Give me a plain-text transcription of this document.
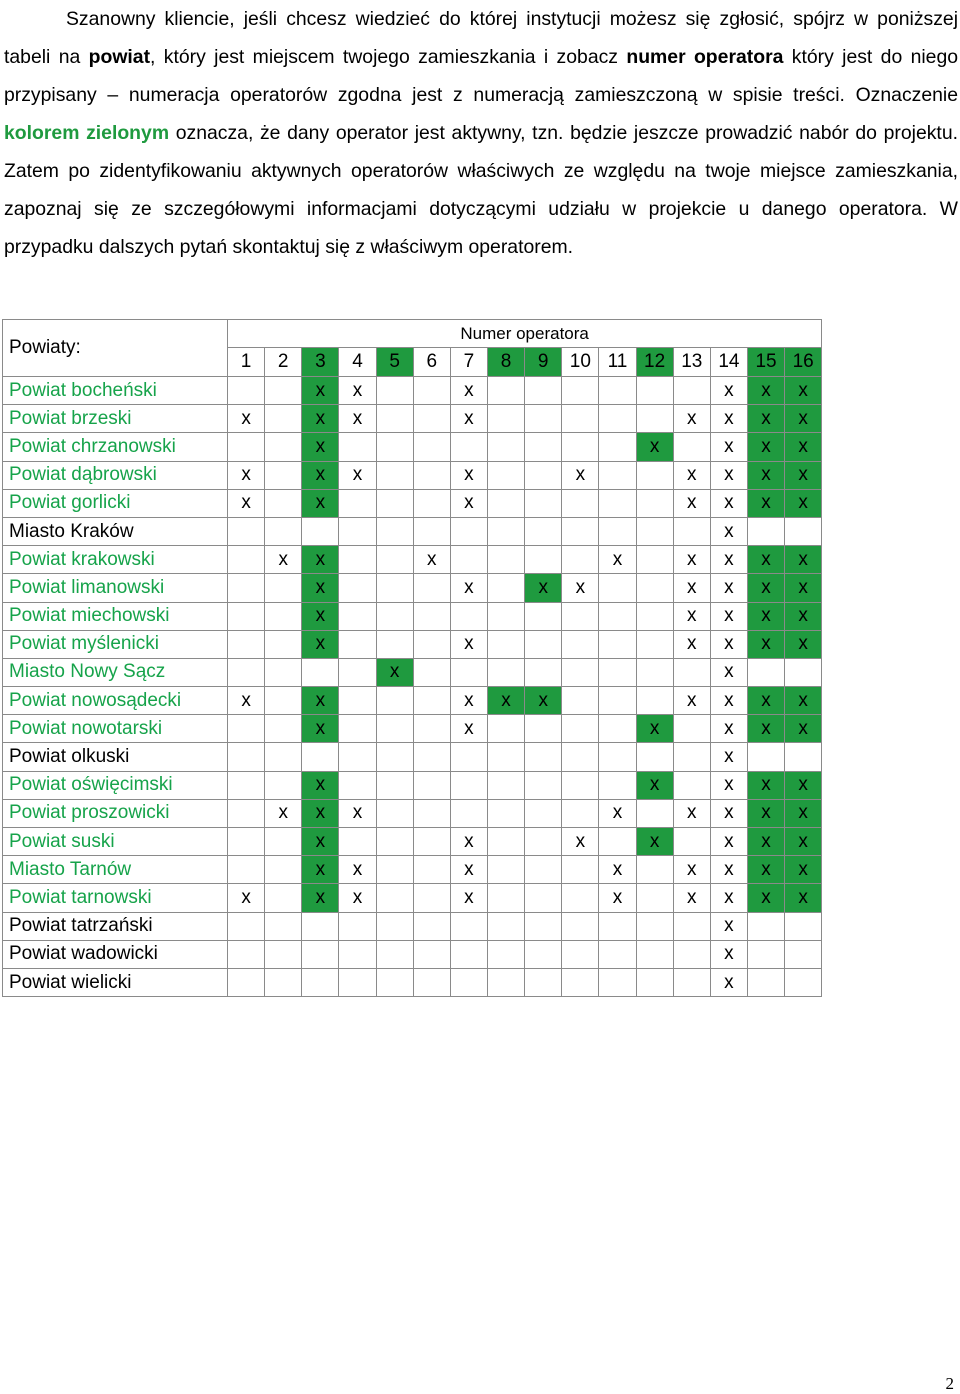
Szanowny kliencie, jeśli chcesz wiedzieć do której instytucji możesz się zgłosić, spójrz w poniższej tabeli na powiat, który jest miejscem twojego zamieszkania i zobacz numer operatora który jest do niego przypisany – numeracja operatorów zgodna jest z numeracją zamieszczoną w spisie treści. Oznaczenie kolorem zielonym oznacza, że dany operator jest aktywny, tzn. będzie jeszcze prowadzić nabór do projektu. Zatem po zidentyfikowaniu aktywnych operatorów właściwych ze względu na twoje miejsce zamieszkania, zapoznaj się ze szczegółowymi informacjami dotyczącymi udziału w projekcie u danego operatora. W przypadku dalszych pytań skontaktuj się z właściwym operatorem.

Powiaty:	Numer operatora															
	1	2	3	4	5	6	7	8	9	10	11	12	13	14	15	16
Powiat bocheński			x	x			x							x	x	x
Powiat brzeski	x		x	x			x						x	x	x	x
Powiat chrzanowski			x									x		x	x	x
Powiat dąbrowski	x		x	x			x			x			x	x	x	x
Powiat gorlicki	x		x				x						x	x	x	x
Miasto Kraków														x		
Powiat krakowski		x	x			x					x		x	x	x	x
Powiat limanowski			x				x		x	x			x	x	x	x
Powiat miechowski			x										x	x	x	x
Powiat myślenicki			x				x						x	x	x	x
Miasto Nowy Sącz					x									x		
Powiat nowosądecki	x		x				x	x	x				x	x	x	x
Powiat nowotarski			x				x					x		x	x	x
Powiat olkuski														x		
Powiat oświęcimski			x									x		x	x	x
Powiat proszowicki		x	x	x							x		x	x	x	x
Powiat suski			x				x			x		x		x	x	x
Miasto Tarnów			x	x			x				x		x	x	x	x
Powiat tarnowski	x		x	x			x				x		x	x	x	x
Powiat tatrzański														x		
Powiat wadowicki														x		
Powiat wielicki														x		
2
